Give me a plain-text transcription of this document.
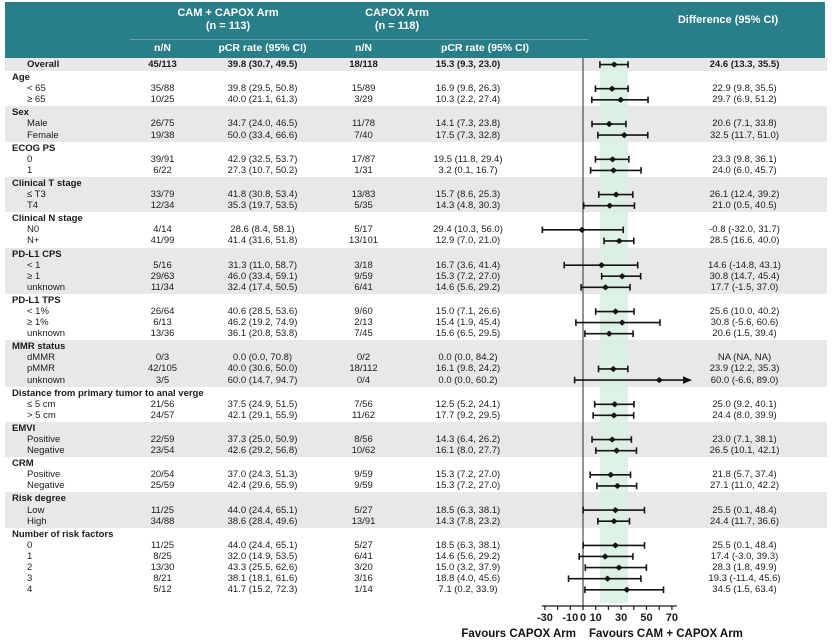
CAM + CAPOX Arm
(n = 113)
CAPOX Arm
(n = 118)
n/N	pCR rate (95% CI)	n/N	pCR rate (95% CI)
Difference (95% CI)
Overall	45/113	39.8 (30.7, 49.5)	18/118	15.3 (9.3, 23.0)	24.6 (13.3, 35.5)
Age
< 65	35/88	39.8 (29.5, 50.8)	15/89	16.9 (9.8, 26.3)	22.9 (9.8, 35.5)
≥ 65	10/25	40.0 (21.1, 61.3)	3/29	10.3 (2.2, 27.4)	29.7 (6.9, 51.2)
Sex
Male	26/75	34.7 (24.0, 46.5)	11/78	14.1 (7.3, 23.8)	20.6 (7.1, 33.8)
Female	19/38	50.0 (33.4, 66.6)	7/40	17.5 (7.3, 32.8)	32.5 (11.7, 51.0)
ECOG PS
0	39/91	42.9 (32.5, 53.7)	17/87	19.5 (11.8, 29.4)	23.3 (9.8, 36.1)
1	6/22	27.3 (10.7, 50.2)	1/31	3.2 (0.1, 16.7)	24.0 (6.0, 45.7)
Clinical T stage
≤ T3	33/79	41.8 (30.8, 53.4)	13/83	15.7 (8.6, 25.3)	26.1 (12.4, 39.2)
T4	12/34	35.3 (19.7, 53.5)	5/35	14.3 (4.8, 30.3)	21.0 (0.5, 40.5)
Clinical N stage
N0	4/14	28.6 (8.4, 58.1)	5/17	29.4 (10.3, 56.0)	-0.8 (-32.0, 31.7)
N+	41/99	41.4 (31.6, 51.8)	13/101	12.9 (7.0, 21.0)	28.5 (16.6, 40.0)
PD-L1 CPS
< 1	5/16	31.3 (11.0, 58.7)	3/18	16.7 (3.6, 41.4)	14.6 (-14.8, 43.1)
≥ 1	29/63	46.0 (33.4, 59.1)	9/59	15.3 (7.2, 27.0)	30.8 (14.7, 45.4)
unknown	11/34	32.4 (17.4, 50.5)	6/41	14.6 (5.6, 29.2)	17.7 (-1.5, 37.0)
PD-L1 TPS
< 1%	26/64	40.6 (28.5, 53.6)	9/60	15.0 (7.1, 26.6)	25.6 (10.0, 40.2)
≥ 1%	6/13	46.2 (19.2, 74.9)	2/13	15.4 (1.9, 45.4)	30.8 (-5.6, 60.6)
unknown	13/36	36.1 (20.8, 53.8)	7/45	15.6 (6.5, 29.5)	20.6 (1.5, 39.4)
MMR status
dMMR	0/3	0.0 (0.0, 70.8)	0/2	0.0 (0.0, 84.2)	NA (NA, NA)
pMMR	42/105	40.0 (30.6, 50.0)	18/112	16.1 (9.8, 24.2)	23.9 (12.2, 35.3)
unknown	3/5	60.0 (14.7, 94.7)	0/4	0.0 (0.0, 60.2)	60.0 (-6.6, 89.0)
Distance from primary tumor to anal verge
≤ 5 cm	21/56	37.5 (24.9, 51.5)	7/56	12.5 (5.2, 24.1)	25.0 (9.2, 40.1)
> 5 cm	24/57	42.1 (29.1, 55.9)	11/62	17.7 (9.2, 29.5)	24.4 (8.0, 39.9)
EMVI
Positive	22/59	37.3 (25.0, 50.9)	8/56	14.3 (6.4, 26.2)	23.0 (7.1, 38.1)
Negative	23/54	42.6 (29.2, 56.8)	10/62	16.1 (8.0, 27.7)	26.5 (10.1, 42.1)
CRM
Positive	20/54	37.0 (24.3, 51.3)	9/59	15.3 (7.2, 27.0)	21.8 (5.7, 37.4)
Negative	25/59	42.4 (29.6, 55.9)	9/59	15.3 (7.2, 27.0)	27.1 (11.0, 42.2)
Risk degree
Low	11/25	44.0 (24.4, 65.1)	5/27	18.5 (6.3, 38.1)	25.5 (0.1, 48.4)
High	34/88	38.6 (28.4, 49.6)	13/91	14.3 (7.8, 23.2)	24.4 (11.7, 36.6)
Number of risk factors
0	11/25	44.0 (24.4, 65.1)	5/27	18.5 (6.3, 38.1)	25.5 (0.1, 48.4)
1	8/25	32.0 (14.9, 53.5)	6/41	14.6 (5.6, 29.2)	17.4 (-3.0, 39.3)
2	13/30	43.3 (25.5, 62.6)	3/20	15.0 (3.2, 37.9)	28.3 (1.8, 49.9)
3	8/21	38.1 (18.1, 61.6)	3/16	18.8 (4.0, 45.6)	19.3 (-11.4, 45.6)
4	5/12	41.7 (15.2, 72.3)	1/14	7.1 (0.2, 33.9)	34.5 (1.5, 63.4)
-30 -10 0 10 30 50 70
Favours CAPOX Arm Favours CAM + CAPOX Arm
